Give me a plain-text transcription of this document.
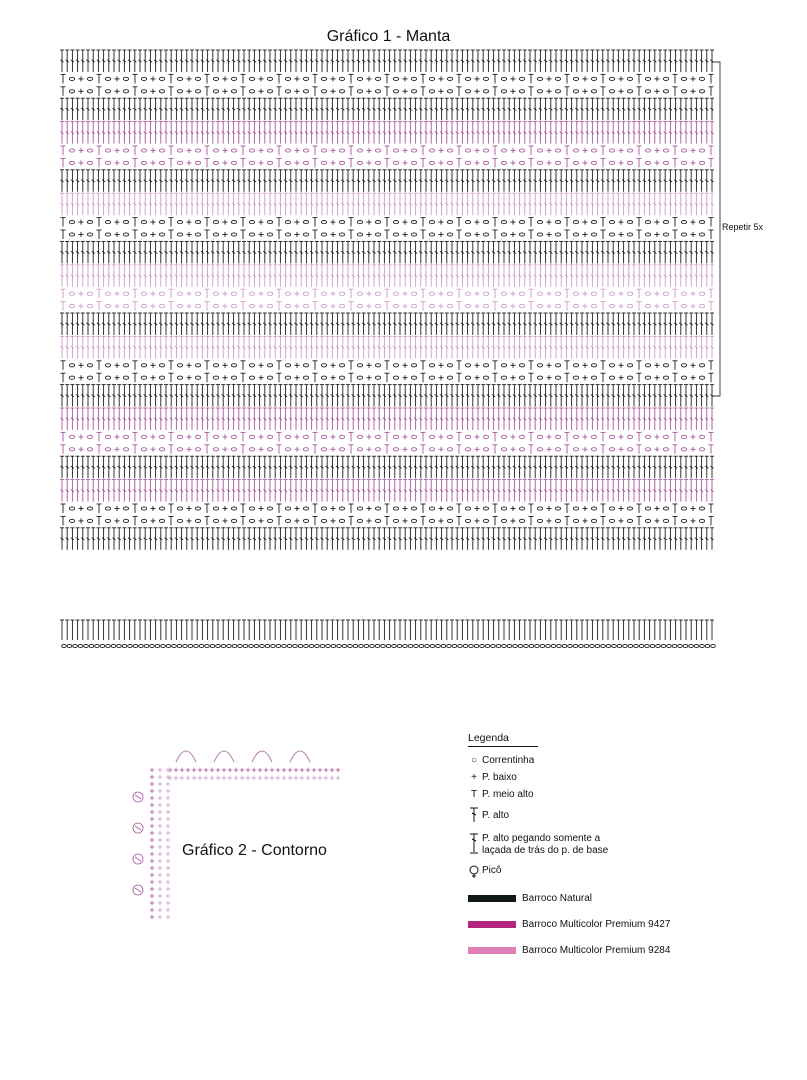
Gráfico 1 - Manta
Repetir 5x
Gráfico 2 - Contorno
Legenda
○ Correntinha
+ P. baixo
T P. meio alto
P. alto
P. alto pegando somente a laçada de trás do p. de base
Picô
Barroco Natural
Barroco Multicolor Premium 9427
Barroco Multicolor Premium 9284
